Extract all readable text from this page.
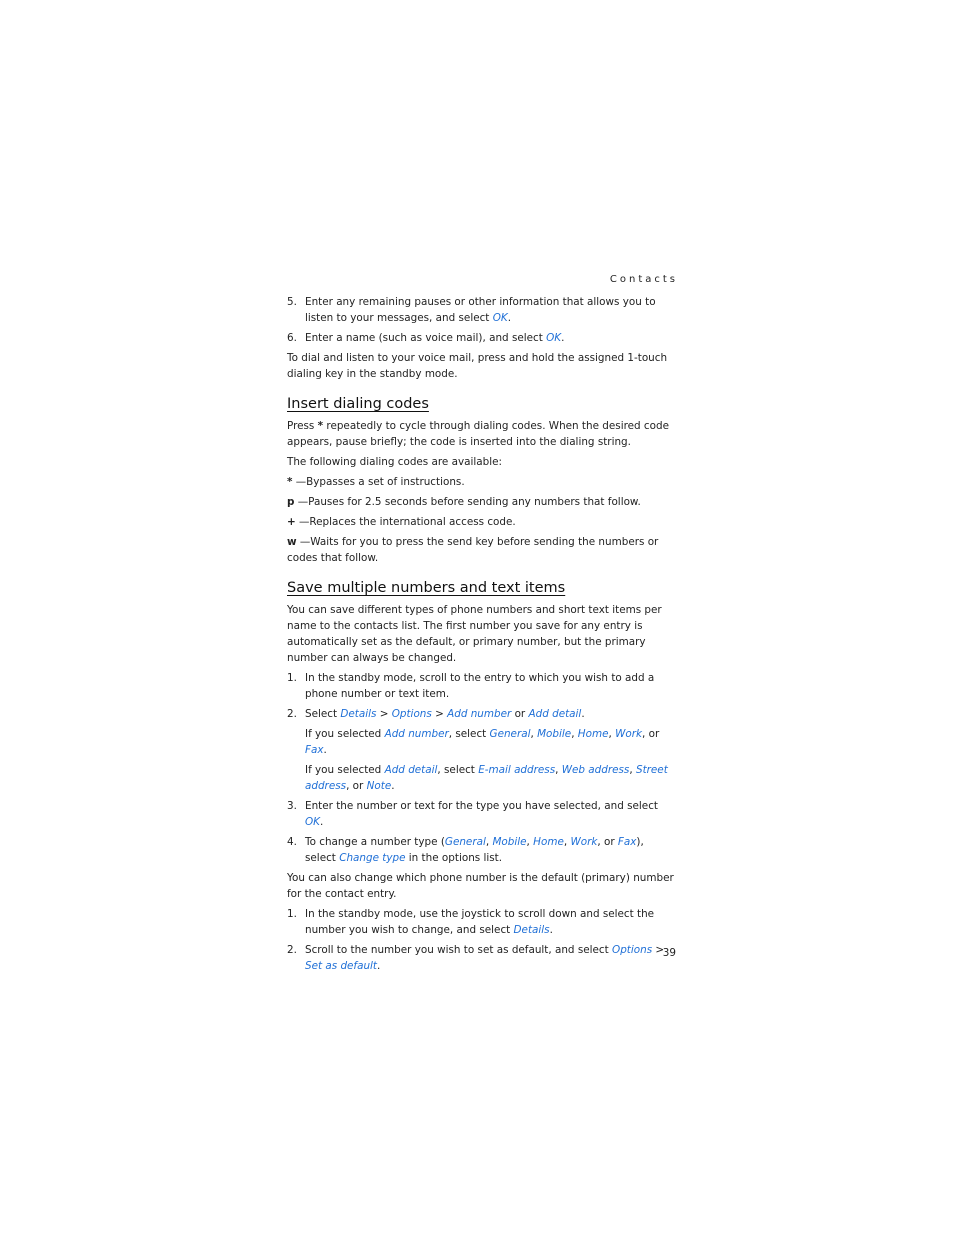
Contacts
5. Enter any remaining pauses or other information that allows you to listen to your messages, and select OK.
6. Enter a name (such as voice mail), and select OK.

To dial and listen to your voice mail, press and hold the assigned 1-touch dialing key in the standby mode.

Insert dialing codes

Press * repeatedly to cycle through dialing codes. When the desired code appears, pause briefly; the code is inserted into the dialing string.

The following dialing codes are available:

* —Bypasses a set of instructions.

p —Pauses for 2.5 seconds before sending any numbers that follow.

+ —Replaces the international access code.

w —Waits for you to press the send key before sending the numbers or codes that follow.

Save multiple numbers and text items

You can save different types of phone numbers and short text items per name to the contacts list. The first number you save for any entry is automatically set as the default, or primary number, but the primary number can always be changed.

1. In the standby mode, scroll to the entry to which you wish to add a phone number or text item.
2. Select Details > Options > Add number or Add detail.

If you selected Add number, select General, Mobile, Home, Work, or Fax.

If you selected Add detail, select E-mail address, Web address, Street address, or Note.

3. Enter the number or text for the type you have selected, and select OK.
4. To change a number type (General, Mobile, Home, Work, or Fax), select Change type in the options list.

You can also change which phone number is the default (primary) number for the contact entry.

1. In the standby mode, use the joystick to scroll down and select the number you wish to change, and select Details.
2. Scroll to the number you wish to set as default, and select Options > Set as default.
39
